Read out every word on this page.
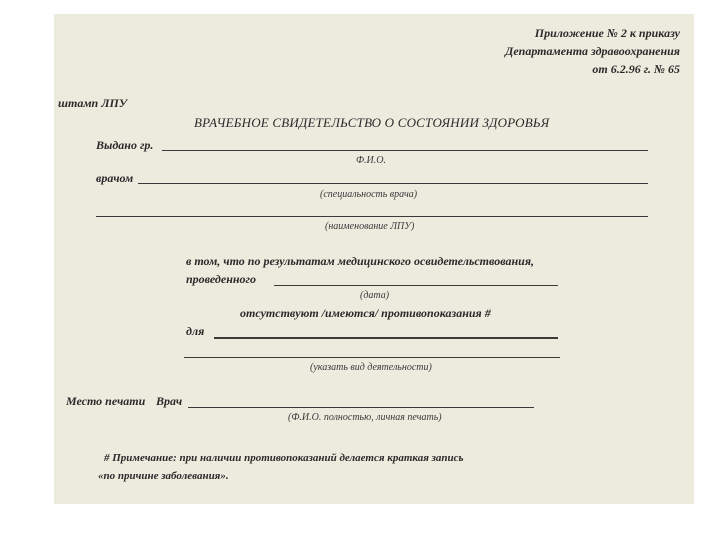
Приложение № 2 к приказу
Департамента здравоохранения
от 6.2.96 г. № 65
штамп ЛПУ
ВРАЧЕБНОЕ СВИДЕТЕЛЬСТВО О СОСТОЯНИИ ЗДОРОВЬЯ
Выдано гр.
Ф.И.О.
врачом
(специальность врача)
(наименование ЛПУ)
в том, что по результатам медицинского освидетельствования,
проведенного
(дата)
отсутствуют /имеются/ противопоказания #
для
(указать вид деятельности)
Место печати Врач
(Ф.И.О. полностью, личная печать)
# Примечание: при наличии противопоказаний делается краткая запись
«по причине заболевания».
